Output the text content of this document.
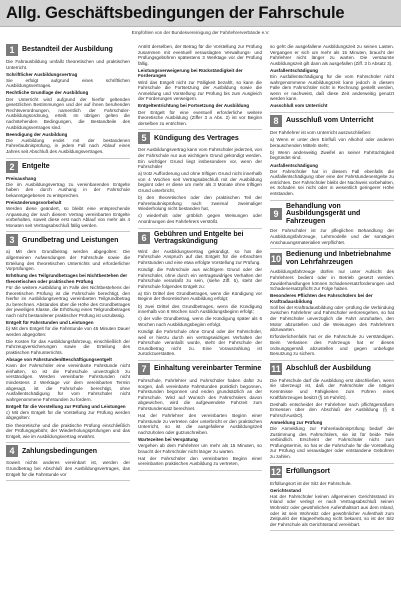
Allg. Geschäftsbedingungen der Fahrschule
Empfohlen von der Bundesvereinigung der Fahrlehrerverbände e.V.
1	Bestandteil der Ausbildung
Die Fahrausbildung umfaßt theoretischen und praktischen Unterricht.
Schriftlicher Ausbildungsvertrag
Sie erfolgt aufgrund eines schriftlichen Ausbildungsvertrages.
Rechtliche Grundlage der Ausbildung
Der Unterricht wird aufgrund der hierfür geltenden gesetzlichen Bestimmungen und der auf ihnen beruhenden Rechtsverordnungen, namentlich der Fahrschüler-Ausbildungsordnung, erteilt. Im übrigen gelten die nachstehenden Bedingungen, die Bestandteile des Ausbildungsvertrages sind.
Beendigung der Ausbildung
Die Ausbildung endet mit der bestandenen Fahrerlaubnisprüfung, in jedem Fall nach Ablauf eines Jahres seit Abschluß des Ausbildungsvertrages.
2	Entgelte
Preisaushang
Die im Ausbildungsvertrag zu vereinbarenden Entgelte haben den durch Aushang in der Fahrschule bekanntgegebenen zu entsprechen.
Preisänderungsvorbehalt
Werden diese geändert, so bleibt eine entsprechende Anpassung der nach diesem Vertrag vereinbarten Entgelte vorbehalten, soweit diese erst nach Ablauf von mehr als 4 Monaten seit Vertragsabschluß fällig werden.
3	Grundbetrag und Leistungen
a) Mit dem Grundbetrag werden abgegolten: Die allgemeinen Aufwendungen der Fahrschule sowie die Erteilung des theoretischen Unterrichts und erforderlicher Vorprüfungen.
Erhöhung des Teilgrundbetrages bei Nichtbestehen der theoretischen oder praktischen Prüfung
Für die weitere Ausbildung im Falle des Nichtbestehens der theoretischen Prüfung ist die Fahrschule berechtigt, den hierfür im Ausbildungsvertrag vereinbarten Teilgrundbetrag zu berechnen. Abstandes über die Höhe des Grundbetrages der jeweiligen Klasse, die Erhöhung eines Teilgrundbetrages nach nicht bestandener praktischer Prüfung ist unzulässig.
Entgelt für Fahrstunden und Leistungen
b) Mit dem Entgelt für die Fahrstunde von 45 Minuten Dauer werden abgegolten:
Die Kosten für das Ausbildungsfahrzeug, einschließlich der Fahrzeugversicherungen sowie die Erteilung des praktischen Fahrunterrichts.
Absage von Fahrstunden/Beschäftigungsentgelt
Kann der Fahrschüler eine vereinbarte Fahrstunde nicht einhalten, so ist die Fahrschule unverzüglich zu verständigen. Werden vereinbarte Fahrstunden nicht mindestens 2 Werktage vor dem vereinbarten Termin abgesagt, ist die Fahrschule berechtigt, ohne Ausfallentschädigung für vom Fahrschüler nicht wahrgenommene Fahrstunden zu fordern.
Entgelt für die Vorstellung zur Prüfung und Leistungen
c) Mit dem Entgelt für die Vorstellung zur Prüfung werden abgegolten:
Die theoretische und die praktische Prüfung einschließlich der Prüfungsgebühr, der Wiederholungsprüfungen und das Entgelt, wie im Ausbildungsvertrag erwähnt.
4	Zahlungsbedingungen
Soweit nichts anderes vereinbart ist, werden der Grundbetrag bei Abschluß des Ausbildungsvertrages, das Entgelt für die Fahrstunde vor
Antritt derselben, der Betrag für die Vorstellung zur Prüfung zusammen mit eventuell verauslagten Verwaltungs- und Prüfungsgebühren spätestens 3 Werktage vor der Prüfung fällig.
Leistungsverweigerung bei Rückständigkeit der Forderungen
Wird das Entgelt nicht zur Fälligkeit bezahlt, so kann die Fahrschule die Fortsetzung der Ausbildung sowie die Anmeldung und Vorstellung zur Prüfung bis zum Ausgleich der Forderungen verweigern.
Entgeltentrichtung bei Fortsetzung der Ausbildung
Der Entgelt für eine eventuell erforderliche weitere theoretische Ausbildung (Ziffer 3 a Abs. 2) ist vor Beginn derselben zu entrichten.
5	Kündigung des Vertrages
Der Ausbildungsvertrag kann vom Fahrschüler jederzeit, von der Fahrschule nur aus wichtigem Grund gekündigt werden. Ein wichtiger Grund liegt insbesondere vor, wenn der Fahrschüler
a) trotz Aufforderung und ohne triftigen Grund nicht innerhalb von 4 Wochen seit Vertragsabschluß mit der Ausbildung beginnt oder er diese um mehr als 3 Monate ohne triftigen Grund unterbricht,
b) den theoretischen oder den praktischen Teil der Fahrerlaubnisprüfung nach zweimal zweimaliger Wiederholung nicht bestanden hat,
c) wiederholt oder gröblich gegen Weisungen oder Anordnungen des Fahrlehrers verstößt.
6	Gebühren und Entgelte bei Vertragskündigung
Wird der Ausbildungsvertrag gekündigt, so hat die Fahrschule Anspruch auf das Entgelt für die erbrachten Fahrstunden und eine etwa erfolgte Vorstellung zur Prüfung.
Kündigt die Fahrschule aus wichtigem Grund oder der Fahrschüler, ohne durch ein vertragswidriges Verhalten der Fahrschule veranlaßt zu sein, (siehe Ziff. 5), steht der Fahrschule folgendes Entgelt zu:
a) Ein Drittel des Grundbetrages, wenn die Kündigung vor Beginn der theoretischen Ausbildung erfolgt;
b) zwei Drittel des Grundbetrages, wenn die Kündigung innerhalb von 6 Wochen nach Ausbildungsbeginn erfolgt;
c) der volle Grundbetrag, wenn die Kündigung später als 6 Wochen nach Ausbildungsbeginn erfolgt.
Kündigt die Fahrschule ohne Grund oder der Fahrschüler, weil er hierzu durch ein vertragswidriges Verhalten der Fahrschule veranlaßt wurde, steht der Fahrschule der Grundbetrag nicht zu. Eine Vorauszahlung ist zurückzuerstatten.
7	Einhaltung vereinbarter Termine
Fahrschule, Fahrlehrer und Fahrschüler haben dafür zu sorgen, daß vereinbarte Fahrstunden pünktlich begonnen, Fahrstunden begonnen und enden grundsätzlich an der Fahrschule. Wird auf Wunsch des Fahrschülers davon abgewichen, wird die aufgewendete Fahrzeit zum Fahrstundensatz berechnet.
Hat der Fahrlehrer den vereinbarten Beginn einer Fahrstunde zu vertreten oder unterbricht er den praktischen Unterricht, so ist die ausgefallene Ausbildungszeit nachzuholen oder gutzuschreiben.
Wartezeiten bei Verspätung
Vergehen ab dem Fahrlehrer um mehr als 15 Minuten, so braucht der Fahrschüler nicht länger zu warten.
Hat der Fahrschüler den vereinbarten Beginn einer vereinbarten praktischen Ausbildung zu vertreten,
so geht die ausgefallene Ausbildungszeit zu seinen Lasten. Vergangen er sich um mehr als 15 Minuten, braucht der Fahrlehrer nicht länger zu warten. Die versäumte Ausbildungszeit gilt dann als ausgefallen (Ziff. 3 b Absatz 3).
Ausfallentschädigung
Ein Ausfallentschädigung für die vom Fahrschüler nicht wahrgenommene Ausbildungszeit kann jedoch in diesem Falle dem Fahrschüler nicht in Rechnung gestellt werden, wenn er nachweist, daß diese Zeit anderweitig genutzt werden kann.
Ausschluß vom Unterricht
8	Ausschluß vom Unterricht
Der Fahrlehrer ist vom Unterricht auszuschließen:
a) Wenn er unter dem Einfluß von Alkohol oder anderen berauschenden Mitteln steht;
b) Wenn anderweitig Zweifel an seiner Fahrtüchtigkeit begründet sind.
Ausfallentschädigung
Der Fahrschüler hat in diesem Fall ebenfalls die Ausfallentschädigung über eine der Fahrstundenentgelte zu entrichten. Der Fahrschüler bleibt der Nachweis vorbehalten, es Schaden sei nicht oder in wesentlich geringerer Höhe entstanden.
9
Behandlung von Ausbildungsgerät und Fahrzeugen
Der Fahrschüler ist zur pfleglichen Behandlung der Ausbildungsfahrzeuge, Lehrmodelle und der sonstigen Anschauungsmaterialien verpflichtet.
10 Bedienung und Inbetriebnahme von Lehrfahrzeugen
Ausbildungsfahrzeuge dürfen nur unter Aufsicht des Fahrlehrers bedient oder in Betrieb gesetzt werden. Zuwiderhandlungen können Schadenersatzforderungen und Schadenersatzpflicht zur Folge haben.
Besonderes Pflichten des Fahrschülers bei der Kraftradausbildung
Soll bei der Kraftradausbildung oder -prüfung die Verbindung zwischen Fahrlehrer und Fahrschüler verlorengehen, so hat der Fahrschüler unverzüglich die Fahrt anzuhalten, den Motor abzustellen und die Weisungen des Fahrlehrers abzuwarten.
Erforderlichenfalls hat er die Fahrschule zu verständigen. Beim Verlassen des Fahrzeugs hat er dieses ordnungsgemäß abzustellen und gegen unbefugte Benutzung zu sichern.
11 Abschluß der Ausbildung
Die Fahrschule darf die Ausbildung erst abschließen, wenn sie überzeugt ist, daß der Fahrschüler die nötigen Kenntnisse und Fähigkeiten zum Führen eines Kraftfahrzeuges besitzt (§ 16 FahrlG).
Deshalb entscheidet der Fahrlehrer nach pflichtgemäßem Ermessen über den Abschluß der Ausbildung (§ 6 FahrschAusbO).
Anmeldung zur Prüfung
Die Anmeldung zur Fahrerlaubnisprüfung bedarf der Zustimmung des Fahrschülers, sie ist für beide Teile verbindlich. Erscheint der Fahrschüler nicht zum Prüfungstermin, so hat er die Fahrschule für die Vorstellung zur Prüfung und verauslagter oder entstandene Gebühren zu zahlen.
12 Erfüllungsort
Erfüllungsort ist der Sitz der Fahrschule.
Gerichtsstand
Hat der Fahrschüler keinen allgemeinen Gerichtsstand im Inland oder verlegt er nach Vertragsabschluß seinen Wohnsitz oder gewöhnlichen Aufenthaltsort aus dem Inland, oder ist sein Wohnsitz oder gewöhnlicher Aufenthalt zum Zeitpunkt der Klageerhebung nicht bekannt, so ist der Sitz der Fahrschule als Gerichtsstand vereinbart.
